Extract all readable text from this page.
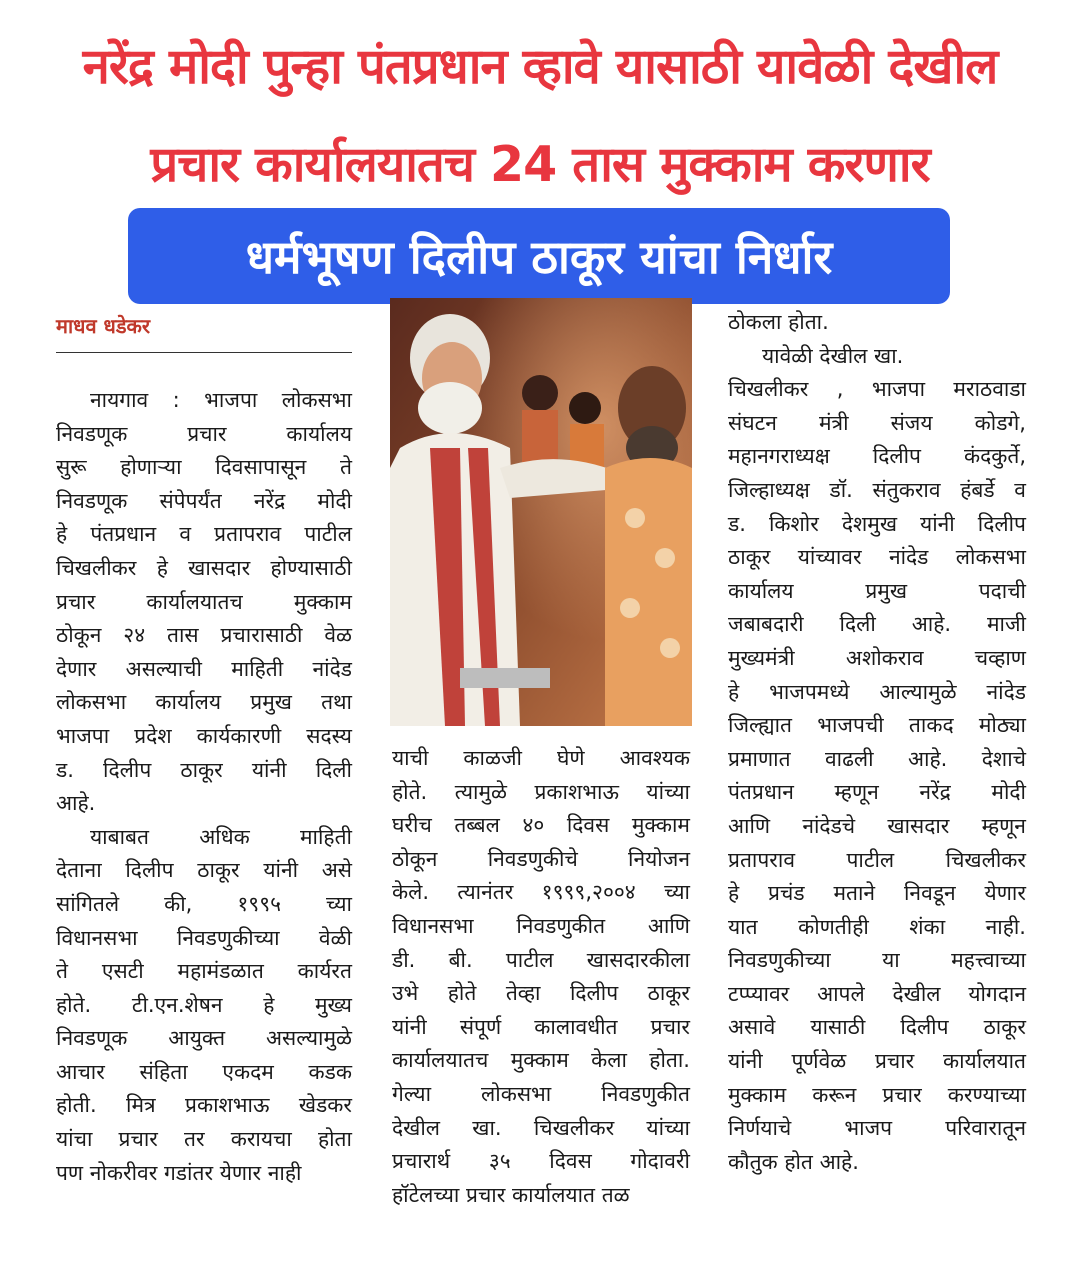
नरेंद्र मोदी पुन्हा पंतप्रधान व्हावे यासाठी यावेळी देखील
प्रचार कार्यालयातच 24 तास मुक्काम करणार
धर्मभूषण दिलीप ठाकूर यांचा निर्धार
माधव धडेकर
नायगाव : भाजपा लोकसभा
निवडणूक	प्रचार	कार्यालय
सुरू होणाऱ्या दिवसापासून ते
निवडणूक संपेपर्यंत नरेंद्र मोदी
हे पंतप्रधान व प्रतापराव पाटील
चिखलीकर हे खासदार होण्यासाठी
प्रचार कार्यालयातच मुक्काम
ठोकून २४ तास प्रचारासाठी वेळ
देणार असल्याची माहिती नांदेड
लोकसभा कार्यालय प्रमुख तथा
भाजपा प्रदेश कार्यकारणी सदस्य
ड. दिलीप ठाकूर यांनी दिली
आहे.
याबाबत अधिक माहिती
देताना दिलीप ठाकूर यांनी असे
सांगितले की, १९९५ च्या
विधानसभा निवडणुकीच्या वेळी
ते एसटी महामंडळात कार्यरत
होते. टी.एन.शेषन हे मुख्य
निवडणूक आयुक्त असल्यामुळे
आचार संहिता एकदम कडक
होती. मित्र प्रकाशभाऊ खेडकर
यांचा प्रचार तर करायचा होता
पण नोकरीवर गडांतर येणार नाही
याची काळजी घेणे आवश्यक
होते. त्यामुळे प्रकाशभाऊ यांच्या
घरीच तब्बल ४० दिवस मुक्काम
ठोकून निवडणुकीचे नियोजन
केले. त्यानंतर १९९९,२००४ च्या
विधानसभा निवडणुकीत आणि
डी. बी. पाटील खासदारकीला
उभे होते तेव्हा दिलीप ठाकूर
यांनी संपूर्ण कालावधीत प्रचार
कार्यालयातच मुक्काम केला होता.
गेल्या लोकसभा निवडणुकीत
देखील खा. चिखलीकर यांच्या
प्रचारार्थ ३५ दिवस गोदावरी
हॉटेलच्या प्रचार कार्यालयात तळ
ठोकला होता.
यावेळी देखील खा.
चिखलीकर , भाजपा मराठवाडा
संघटन मंत्री संजय कोडगे,
महानगराध्यक्ष दिलीप कंदकुर्ते,
जिल्हाध्यक्ष डॉ. संतुकराव हंबर्डे व
ड. किशोर देशमुख यांनी दिलीप
ठाकूर यांच्यावर नांदेड लोकसभा
कार्यालय	प्रमुख	पदाची
जबाबदारी दिली आहे. माजी
मुख्यमंत्री अशोकराव चव्हाण
हे भाजपमध्ये आल्यामुळे नांदेड
जिल्ह्यात भाजपची ताकद मोठ्या
प्रमाणात वाढली आहे. देशाचे
पंतप्रधान म्हणून नरेंद्र मोदी
आणि नांदेडचे खासदार म्हणून
प्रतापराव पाटील चिखलीकर
हे प्रचंड मताने निवडून येणार
यात कोणतीही शंका नाही.
निवडणुकीच्या या महत्त्वाच्या
टप्प्यावर आपले देखील योगदान
असावे यासाठी दिलीप ठाकूर
यांनी पूर्णवेळ प्रचार कार्यालयात
मुक्काम करून प्रचार करण्याच्या
निर्णयाचे	भाजप	परिवारातून
कौतुक होत आहे.
